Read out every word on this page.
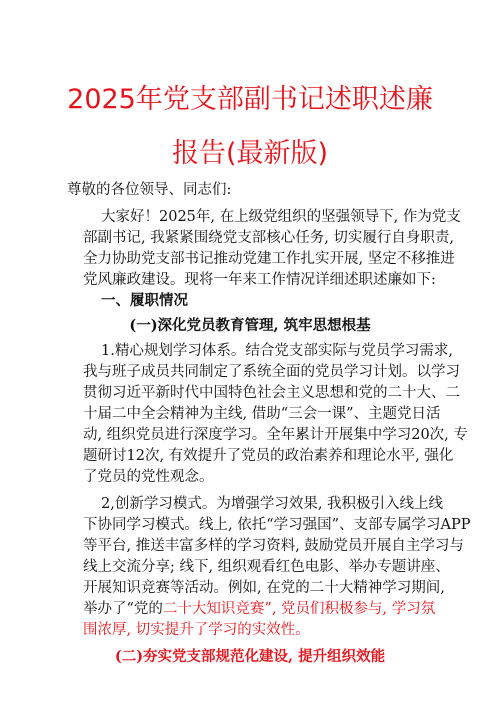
2025年党支部副书记述职述廉
报告(最新版)
尊敬的各位领导、同志们:
大家好！2025年, 在上级党组织的坚强领导下, 作为党支
部副书记, 我紧紧围绕党支部核心任务, 切实履行自身职责,
全力协助党支部书记推动党建工作扎实开展, 坚定不移推进
党风廉政建设。现将一年来工作情况详细述职述廉如下:
一、履职情况
(一)深化党员教育管理, 筑牢思想根基
1.精心规划学习体系。结合党支部实际与党员学习需求,
我与班子成员共同制定了系统全面的党员学习计划。以学习
贯彻习近平新时代中国特色社会主义思想和党的二十大、二
十届二中全会精神为主线, 借助“三会一课”、主题党日活
动, 组织党员进行深度学习。全年累计开展集中学习20次, 专
题研讨12次, 有效提升了党员的政治素养和理论水平, 强化
了党员的党性观念。
2,创新学习模式。为增强学习效果, 我积极引入线上线
下协同学习模式。线上, 依托“学习强国”、支部专属学习APP
等平台, 推送丰富多样的学习资料, 鼓励党员开展自主学习与
线上交流分享; 线下, 组织观看红色电影、举办专题讲座、
开展知识竞赛等活动。例如, 在党的二十大精神学习期间,
举办了“党的二十大知识竞赛”, 党员们积极参与, 学习氛
围浓厚, 切实提升了学习的实效性。
(二)夯实党支部规范化建设, 提升组织效能
